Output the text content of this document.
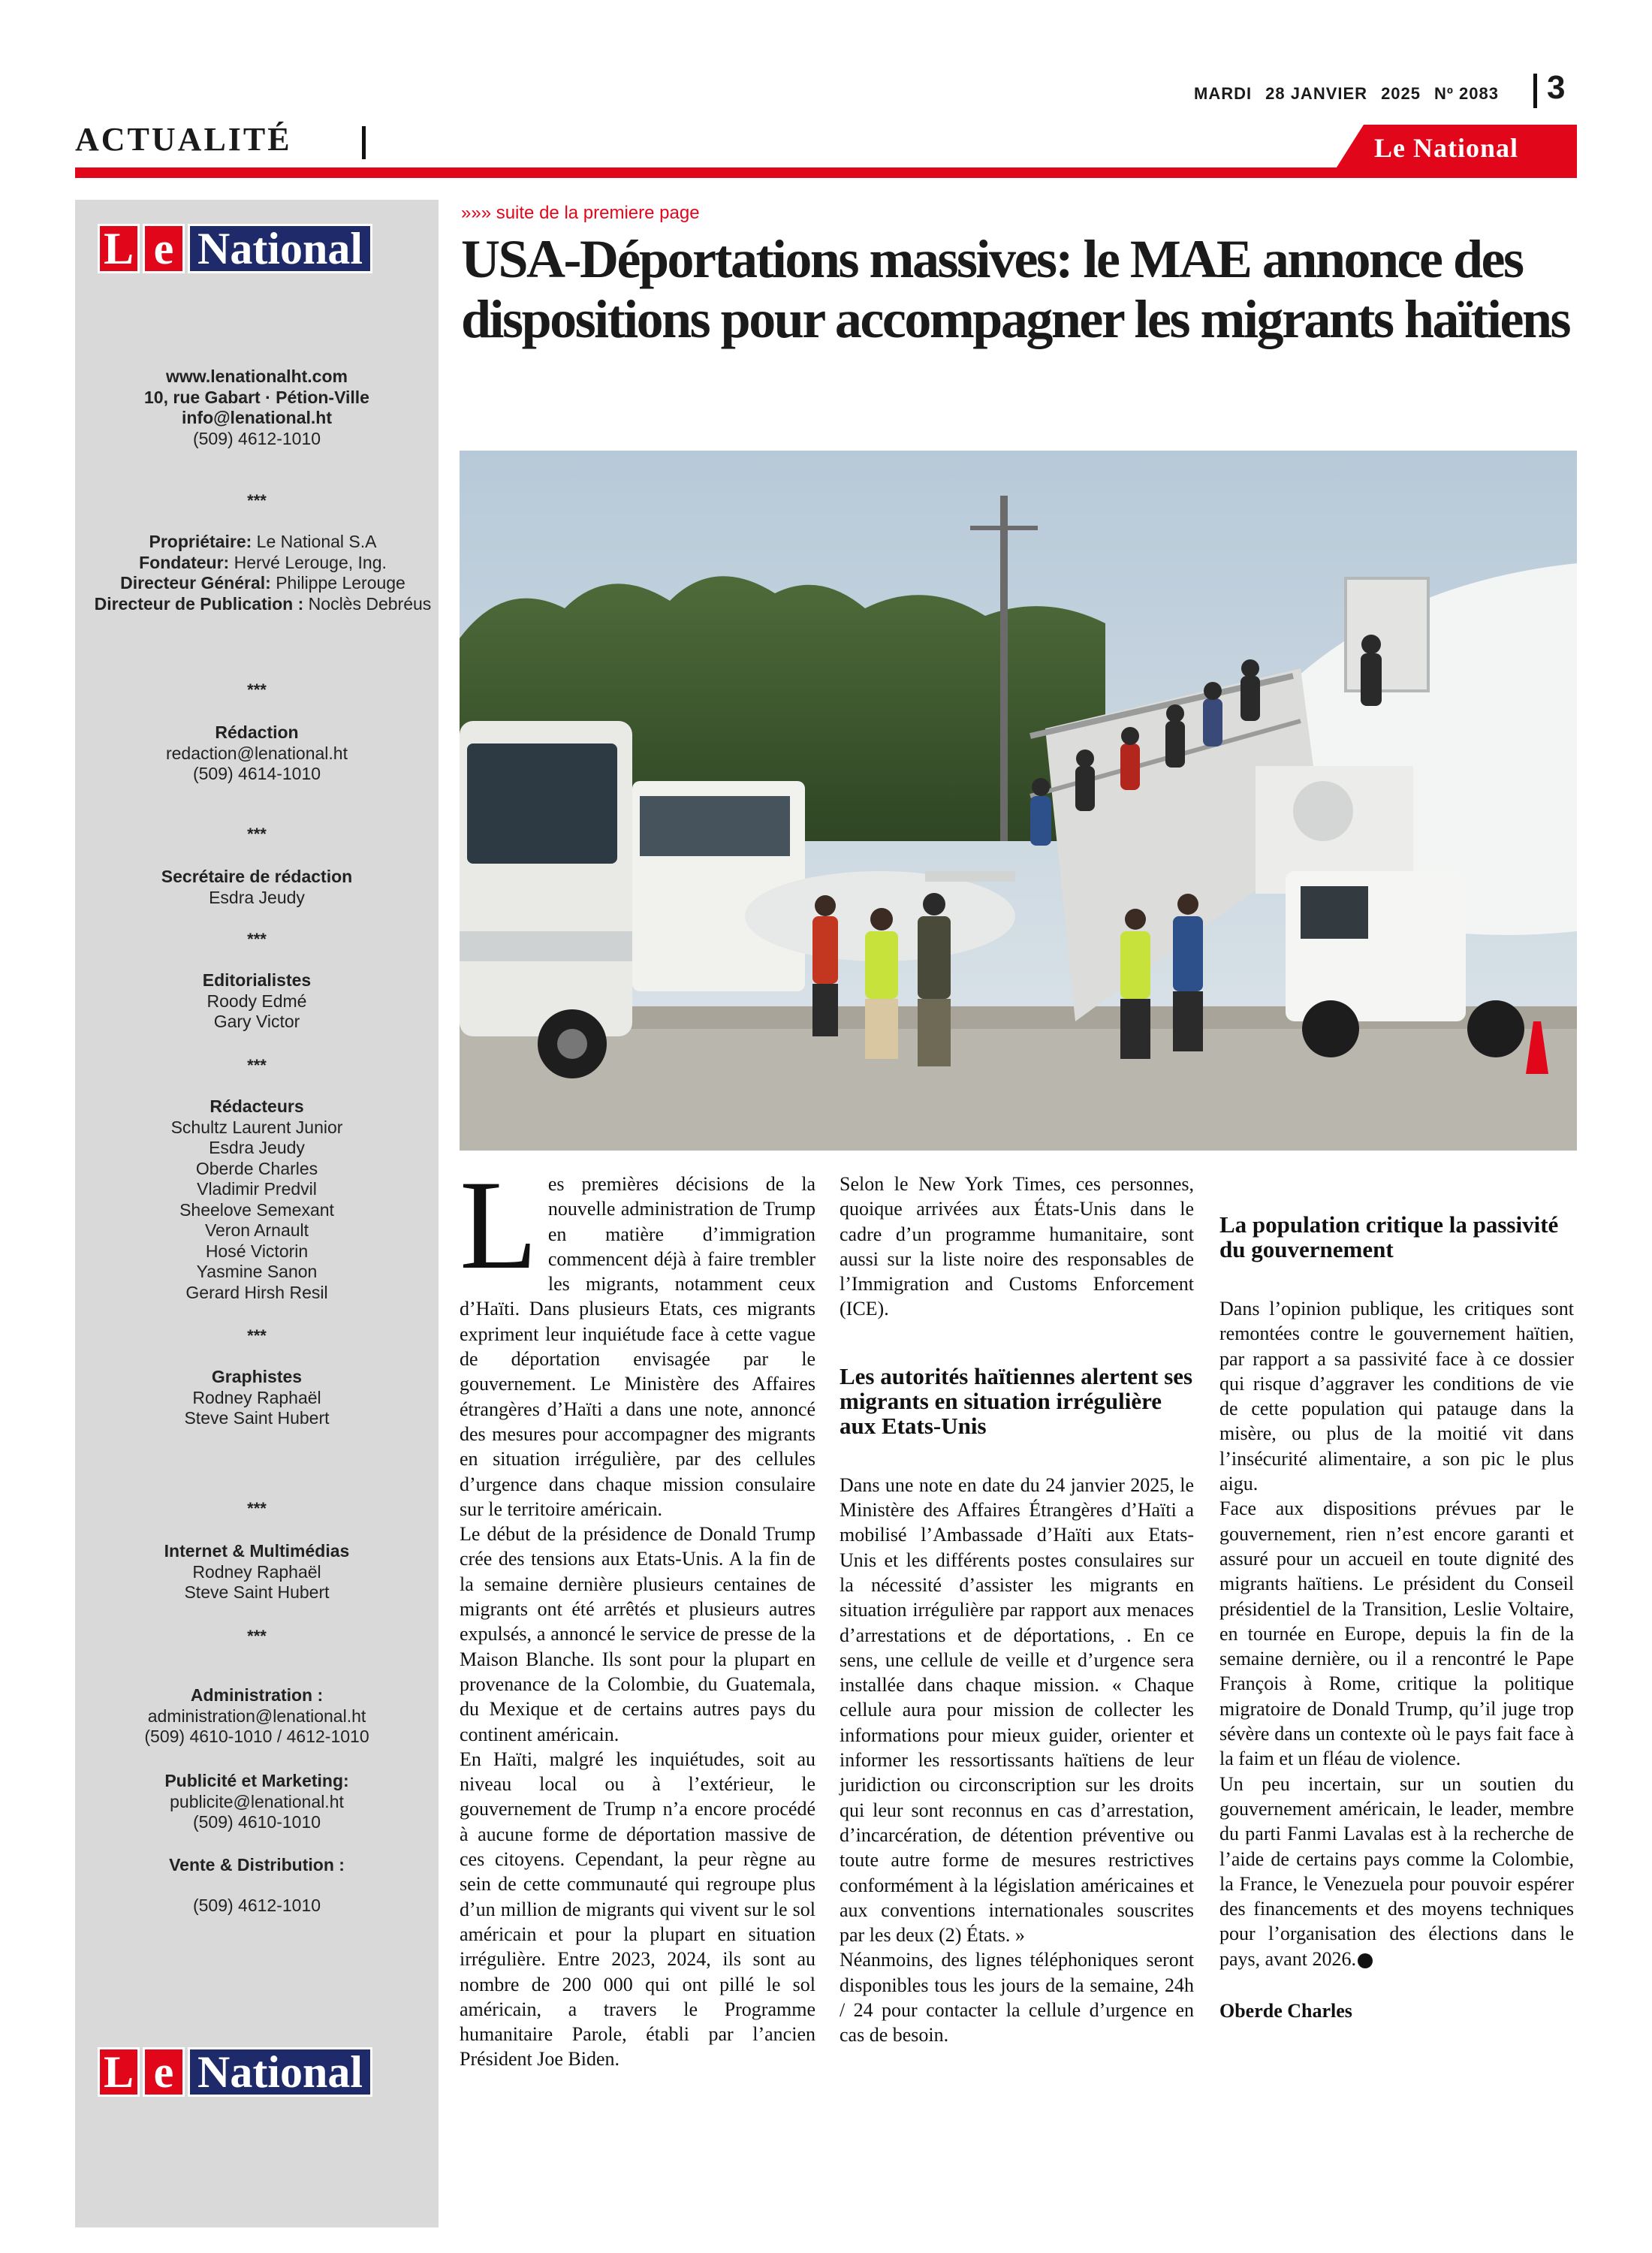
MARDI 28 JANVIER 2025 Nº 2083	3
ACTUALITÉ	Le National
L e National
www.lenationalht.com
10, rue Gabart · Pétion-Ville
info@lenational.ht
(509) 4612-1010
***
Propriétaire: Le National S.A
Fondateur: Hervé Lerouge, Ing.
Directeur Général: Philippe Lerouge
Directeur de Publication : Noclès Debréus
***
Rédaction
redaction@lenational.ht
(509) 4614-1010
***
Secrétaire de rédaction
Esdra Jeudy
***
Editorialistes
Roody Edmé
Gary Victor
***
Rédacteurs
Schultz Laurent Junior
Esdra Jeudy
Oberde Charles
Vladimir Predvil
Sheelove Semexant
Veron Arnault
Hosé Victorin
Yasmine Sanon
Gerard Hirsh Resil
***
Graphistes
Rodney Raphaël
Steve Saint Hubert
***
Internet & Multimédias
Rodney Raphaël
Steve Saint Hubert
***
Administration :
administration@lenational.ht
(509) 4610-1010 / 4612-1010
Publicité et Marketing:
publicite@lenational.ht
(509) 4610-1010
Vente & Distribution :
(509) 4612-1010
L e National
»»» suite de la premiere page
USA-Déportations massives: le MAE annonce des dispositions pour accompagner les migrants haïtiens
L es premières décisions de la nouvelle administration de Trump en matière d’immigration commencent déjà à faire trembler les migrants, notamment ceux d’Haïti. Dans plusieurs Etats, ces migrants expriment leur inquiétude face à cette vague de déportation envisagée par le gouvernement. Le Ministère des Affaires étrangères d’Haïti a dans une note, annoncé des mesures pour accompagner des migrants en situation irrégulière, par des cellules d’urgence dans chaque mission consulaire sur le territoire américain.

Le début de la présidence de Donald Trump crée des tensions aux Etats-Unis. A la fin de la semaine dernière plusieurs centaines de migrants ont été arrêtés et plusieurs autres expulsés, a annoncé le service de presse de la Maison Blanche. Ils sont pour la plupart en provenance de la Colombie, du Guatemala, du Mexique et de certains autres pays du continent américain.

En Haïti, malgré les inquiétudes, soit au niveau local ou à l’extérieur, le gouvernement de Trump n’a encore procédé à aucune forme de déportation massive de ces citoyens. Cependant, la peur règne au sein de cette communauté qui regroupe plus d’un million de migrants qui vivent sur le sol américain et pour la plupart en situation irrégulière. Entre 2023, 2024, ils sont au nombre de 200 000 qui ont pillé le sol américain, a travers le Programme humanitaire Parole, établi par l’ancien Président Joe Biden.

Selon le New York Times, ces personnes, quoique arrivées aux États-Unis dans le cadre d’un programme humanitaire, sont aussi sur la liste noire des responsables de l’Immigration and Customs Enforcement (ICE).

Les autorités haïtiennes alertent ses migrants en situation irrégulière aux Etats-Unis

Dans une note en date du 24 janvier 2025, le Ministère des Affaires Étrangères d’Haïti a mobilisé l’Ambassade d’Haïti aux Etats-Unis et les différents postes consulaires sur la nécessité d’assister les migrants en situation irrégulière par rapport aux menaces d’arrestations et de déportations, . En ce sens, une cellule de veille et d’urgence sera installée dans chaque mission. « Chaque cellule aura pour mission de collecter les informations pour mieux guider, orienter et informer les ressortissants haïtiens de leur juridiction ou circonscription sur les droits qui leur sont reconnus en cas d’arrestation, d’incarcération, de détention préventive ou toute autre forme de mesures restrictives conformément à la législation américaines et aux conventions internationales souscrites par les deux (2) États. »

Néanmoins, des lignes téléphoniques seront disponibles tous les jours de la semaine, 24h / 24 pour contacter la cellule d’urgence en cas de besoin.

La population critique la passivité du gouvernement

Dans l’opinion publique, les critiques sont remontées contre le gouvernement haïtien, par rapport a sa passivité face à ce dossier qui risque d’aggraver les conditions de vie de cette population qui patauge dans la misère, ou plus de la moitié vit dans l’insécurité alimentaire, a son pic le plus aigu.

Face aux dispositions prévues par le gouvernement, rien n’est encore garanti et assuré pour un accueil en toute dignité des migrants haïtiens. Le président du Conseil présidentiel de la Transition, Leslie Voltaire, en tournée en Europe, depuis la fin de la semaine dernière, ou il a rencontré le Pape François à Rome, critique la politique migratoire de Donald Trump, qu’il juge trop sévère dans un contexte où le pays fait face à la faim et un fléau de violence.

Un peu incertain, sur un soutien du gouvernement américain, le leader, membre du parti Fanmi Lavalas est à la recherche de l’aide de certains pays comme la Colombie, la France, le Venezuela pour pouvoir espérer des financements et des moyens techniques pour l’organisation des élections dans le pays, avant 2026.

Oberde Charles
